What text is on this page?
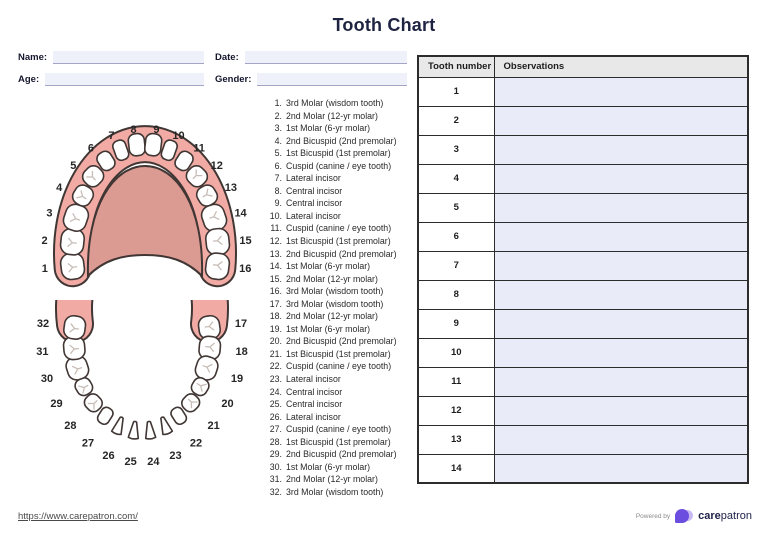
Tooth Chart
Name:	Date:
Age:	Gender:
1
2
3
4
5
6
7
8 9
10
11
12
13
14
15
16
17
18
19
20
21
22
23
24
25
26
27
28
29
30
31
32
1. 3rd Molar (wisdom tooth)
2. 2nd Molar (12-yr molar)
3. 1st Molar (6-yr molar)
4. 2nd Bicuspid (2nd premolar)
5. 1st Bicuspid (1st premolar)
6. Cuspid (canine / eye tooth)
7. Lateral incisor
8. Central incisor
9. Central incisor
10. Lateral incisor
11. Cuspid (canine / eye tooth)
12. 1st Bicuspid (1st premolar)
13. 2nd Bicuspid (2nd premolar)
14. 1st Molar (6-yr molar)
15. 2nd Molar (12-yr molar)
16. 3rd Molar (wisdom tooth)
17. 3rd Molar (wisdom tooth)
18. 2nd Molar (12-yr molar)
19. 1st Molar (6-yr molar)
20. 2nd Bicuspid (2nd premolar)
21. 1st Bicuspid (1st premolar)
22. Cuspid (canine / eye tooth)
23. Lateral incisor
24. Central incisor
25. Central incisor
26. Lateral incisor
27. Cuspid (canine / eye tooth)
28. 1st Bicuspid (1st premolar)
29. 2nd Bicuspid (2nd premolar)
30. 1st Molar (6-yr molar)
31. 2nd Molar (12-yr molar)
32. 3rd Molar (wisdom tooth)
Tooth number	Observations
1	
2	
3	
4	
5	
6	
7	
8	
9	
10	
11	
12	
13	
14	
https://www.carepatron.com/	Powered by	carepatron
